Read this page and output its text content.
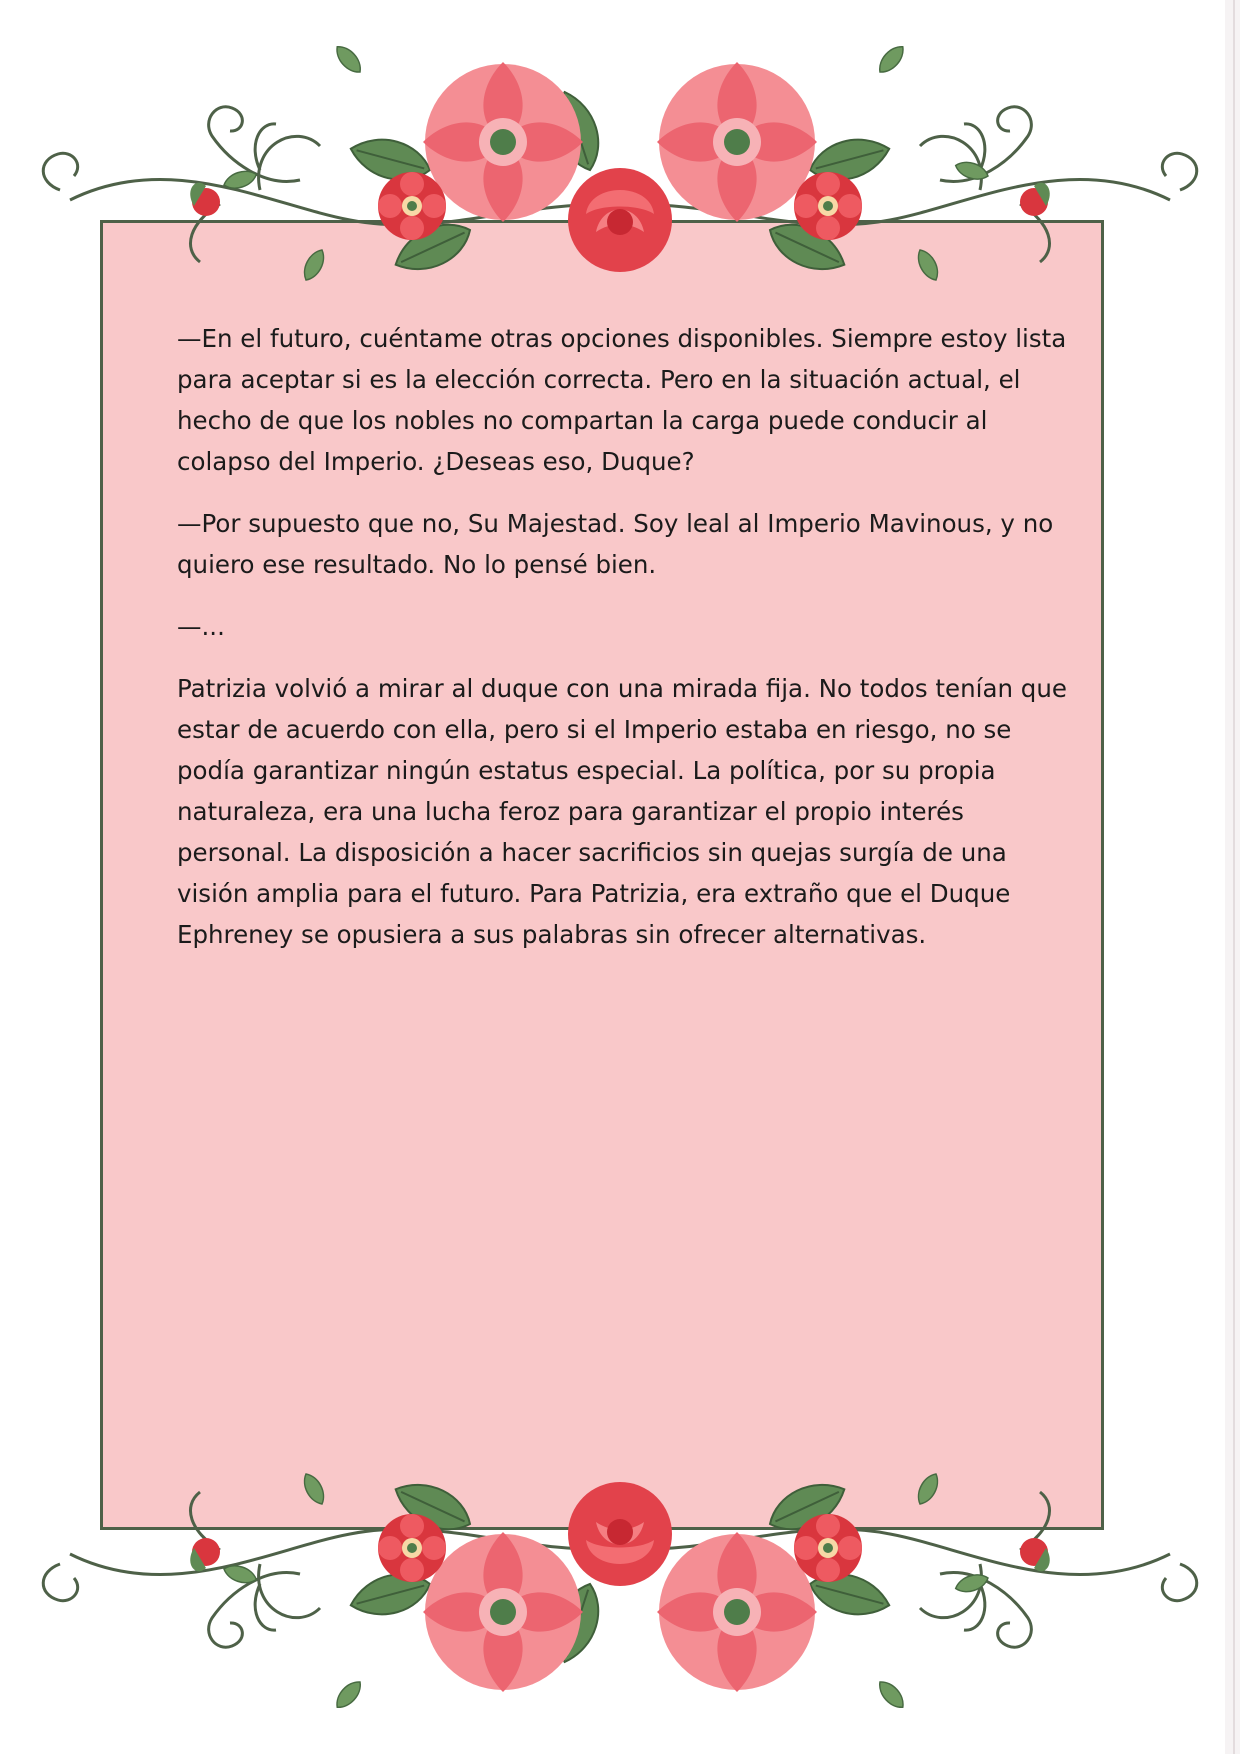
—En el futuro, cuéntame otras opciones disponibles. Siempre estoy lista para aceptar si es la elección correcta. Pero en la situación actual, el hecho de que los nobles no compartan la carga puede conducir al colapso del Imperio. ¿Deseas eso, Duque?

—Por supuesto que no, Su Majestad. Soy leal al Imperio Mavinous, y no quiero ese resultado. No lo pensé bien.

—...

Patrizia volvió a mirar al duque con una mirada fija. No todos tenían que estar de acuerdo con ella, pero si el Imperio estaba en riesgo, no se podía garantizar ningún estatus especial. La política, por su propia naturaleza, era una lucha feroz para garantizar el propio interés personal. La disposición a hacer sacrificios sin quejas surgía de una visión amplia para el futuro. Para Patrizia, era extraño que el Duque Ephreney se opusiera a sus palabras sin ofrecer alternativas.
